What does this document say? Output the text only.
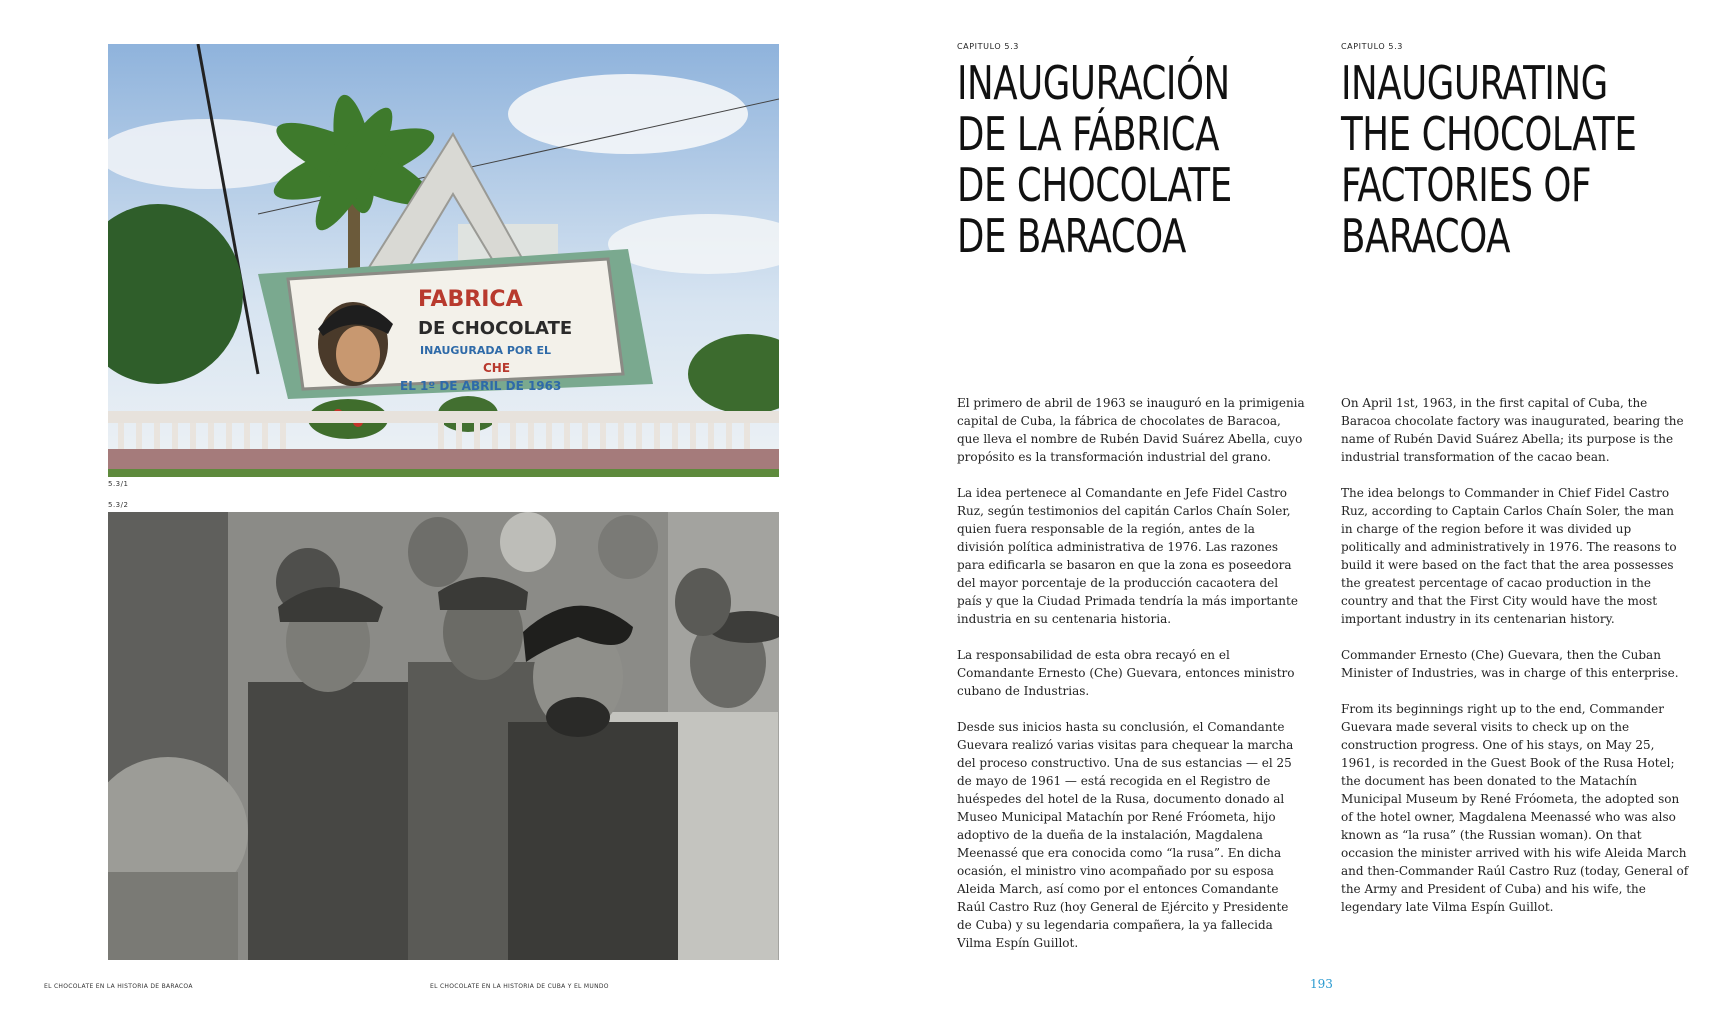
FABRICA
DE CHOCOLATE
INAUGURADA POR EL
CHE
EL 1º DE ABRIL DE 1963
5.3/1
5.3/2
CAPITULO 5.3
INAUGURACIÓN
DE LA FÁBRICA
DE CHOCOLATE
DE BARACOA

El primero de abril de 1963 se inauguró en la primigenia capital de Cuba, la fábrica de chocolates de Baracoa, que lleva el nombre de Rubén David Suárez Abella, cuyo propósito es la transformación industrial del grano.

La idea pertenece al Comandante en Jefe Fidel Castro Ruz, según testimonios del capitán Carlos Chaín Soler, quien fuera responsable de la región, antes de la división política administrativa de 1976. Las razones para edificarla se basaron en que la zona es poseedora del mayor porcentaje de la producción cacaotera del país y que la Ciudad Primada tendría la más importante industria en su centenaria historia.

La responsabilidad de esta obra recayó en el Comandante Ernesto (Che) Guevara, entonces ministro cubano de Industrias.

Desde sus inicios hasta su conclusión, el Comandante Guevara realizó varias visitas para chequear la marcha del proceso constructivo. Una de sus estancias — el 25 de mayo de 1961 — está recogida en el Registro de huéspedes del hotel de la Rusa, documento donado al Museo Municipal Matachín por René Fróometa, hijo adoptivo de la dueña de la instalación, Magdalena Meenassé que era conocida como “la rusa”. En dicha ocasión, el ministro vino acompañado por su esposa Aleida March, así como por el entonces Comandante Raúl Castro Ruz (hoy General de Ejército y Presidente de Cuba) y su legendaria compañera, la ya fallecida Vilma Espín Guillot.

CAPITULO 5.3
INAUGURATING
THE CHOCOLATE
FACTORIES OF
BARACOA

On April 1st, 1963, in the first capital of Cuba, the Baracoa chocolate factory was inaugurated, bearing the name of Rubén David Suárez Abella; its purpose is the industrial transformation of the cacao bean.

The idea belongs to Commander in Chief Fidel Castro Ruz, according to Captain Carlos Chaín Soler, the man in charge of the region before it was divided up politically and administratively in 1976. The reasons to build it were based on the fact that the area possesses the greatest percentage of cacao production in the country and that the First City would have the most important industry in its centenarian history.

Commander Ernesto (Che) Guevara, then the Cuban Minister of Industries, was in charge of this enterprise.

From its beginnings right up to the end, Commander Guevara made several visits to check up on the construction progress. One of his stays, on May 25, 1961, is recorded in the Guest Book of the Rusa Hotel; the document has been donated to the Matachín Municipal Museum by René Fróometa, the adopted son of the hotel owner, Magdalena Meenassé who was also known as “la rusa” (the Russian woman). On that occasion the minister arrived with his wife Aleida March and then-Commander Raúl Castro Ruz (today, General of the Army and President of Cuba) and his wife, the legendary late Vilma Espín Guillot.

EL CHOCOLATE EN LA HISTORIA DE BARACOA	EL CHOCOLATE EN LA HISTORIA DE CUBA Y EL MUNDO	193
